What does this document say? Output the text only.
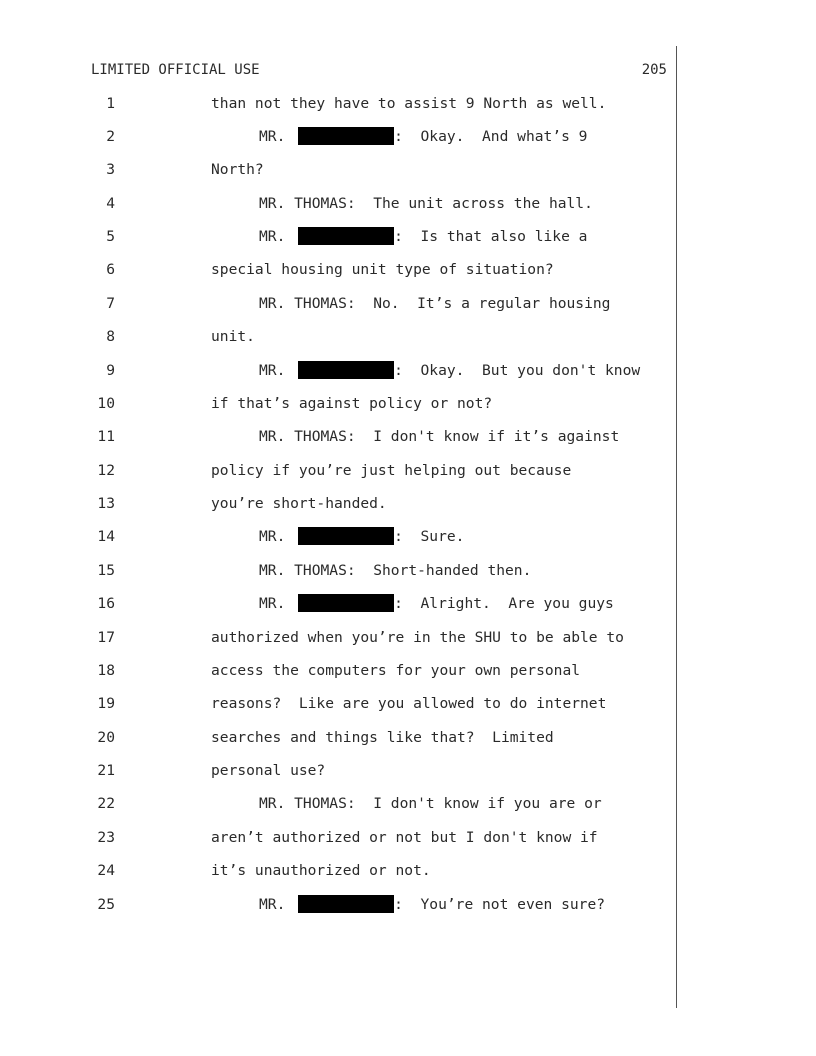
LIMITED OFFICIAL USE	205
1	than not they have to assist 9 North as well.
2	MR.	:  Okay.  And what’s 9
3	North?
4	MR. THOMAS:  The unit across the hall.
5	MR.	:  Is that also like a
6	special housing unit type of situation?
7	MR. THOMAS:  No.  It’s a regular housing
8	unit.
9	MR.	:  Okay.  But you don't know
10	if that’s against policy or not?
11	MR. THOMAS:  I don't know if it’s against
12	policy if you’re just helping out because
13	you’re short-handed.
14	MR.	:  Sure.
15	MR. THOMAS:  Short-handed then.
16	MR.	:  Alright.  Are you guys
17	authorized when you’re in the SHU to be able to
18	access the computers for your own personal
19	reasons?  Like are you allowed to do internet
20	searches and things like that?  Limited
21	personal use?
22	MR. THOMAS:  I don't know if you are or
23	aren’t authorized or not but I don't know if
24	it’s unauthorized or not.
25	MR.	:  You’re not even sure?
